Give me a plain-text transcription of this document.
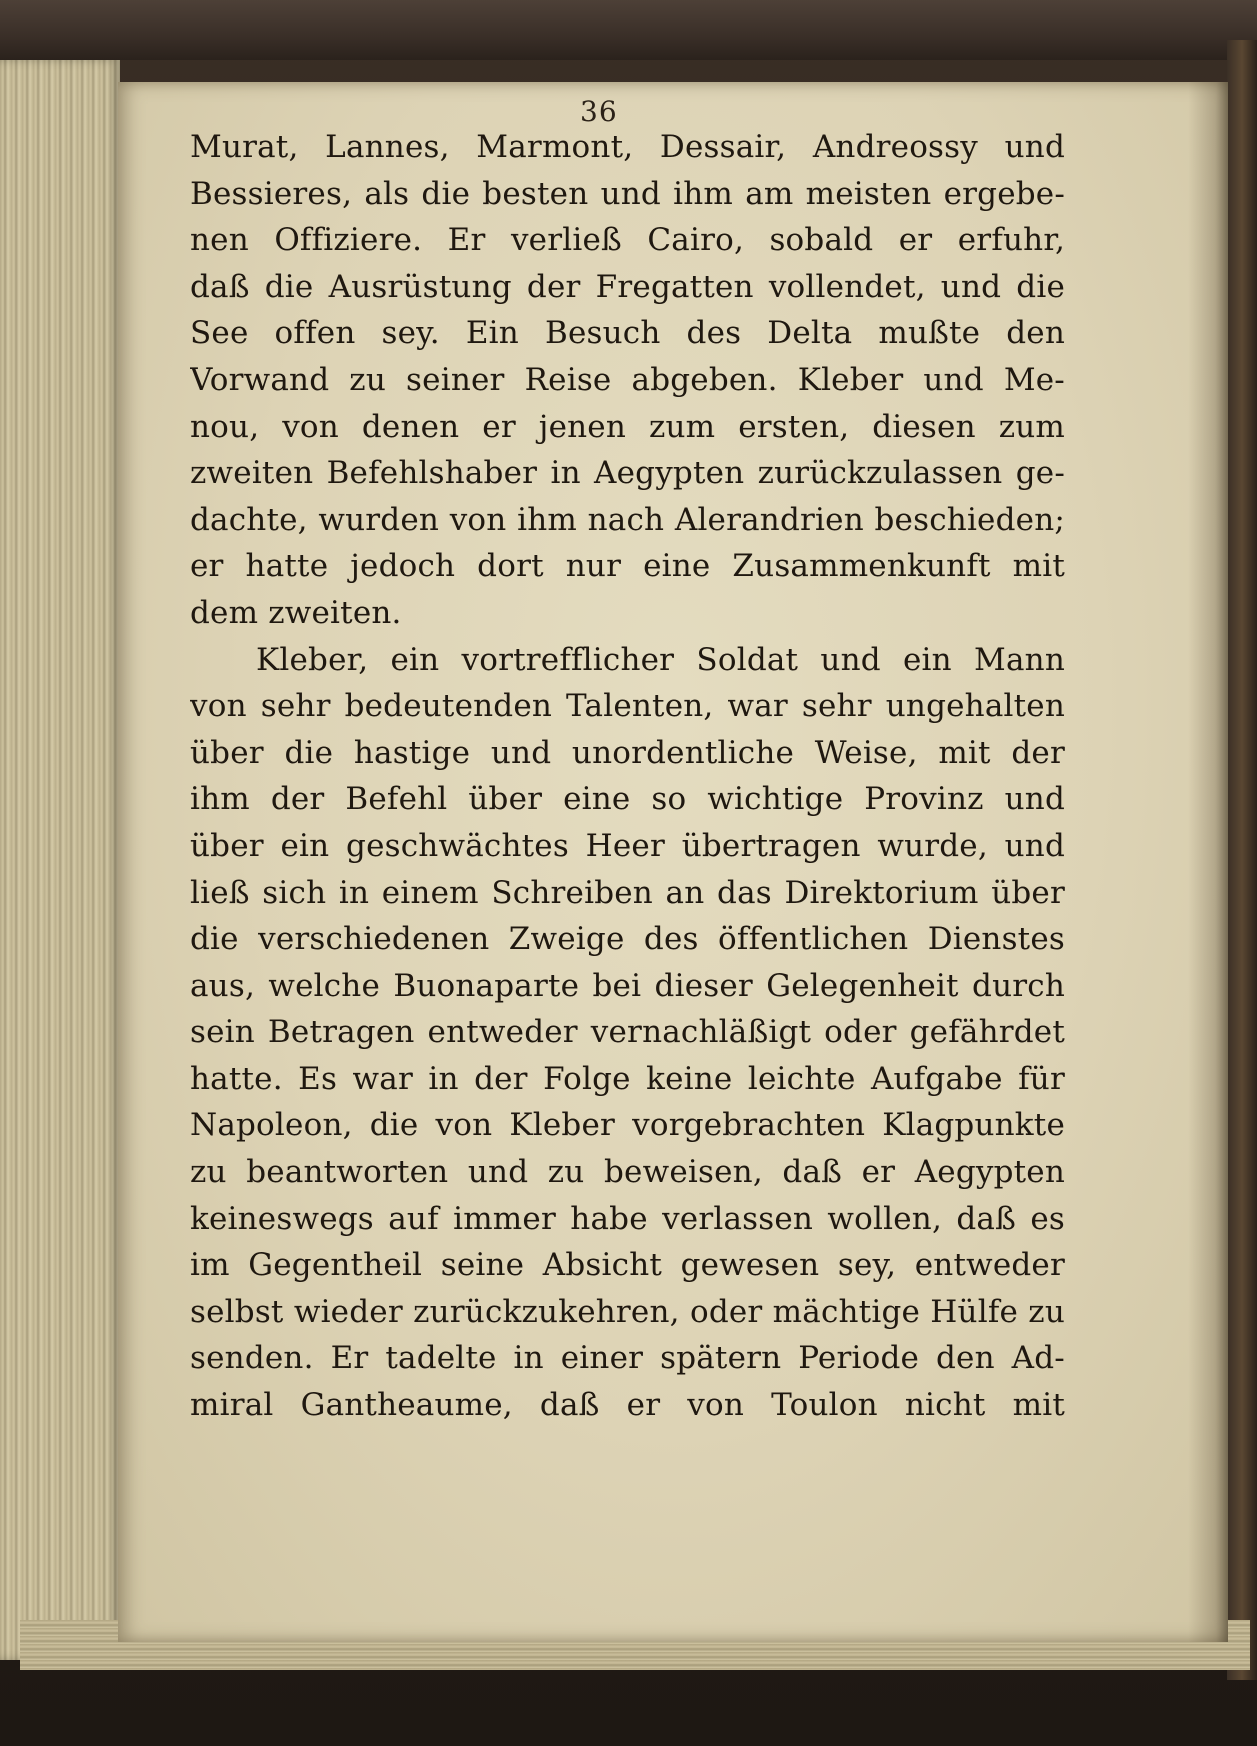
36
Murat, Lannes, Marmont, Dessair, Andreossy und
Bessieres, als die besten und ihm am meisten ergebe-
nen Offiziere. Er verließ Cairo, sobald er erfuhr,
daß die Ausrüstung der Fregatten vollendet, und die
See offen sey. Ein Besuch des Delta mußte den
Vorwand zu seiner Reise abgeben. Kleber und Me-
nou, von denen er jenen zum ersten, diesen zum
zweiten Befehlshaber in Aegypten zurückzulassen ge-
dachte, wurden von ihm nach Alerandrien beschieden;
er hatte jedoch dort nur eine Zusammenkunft mit
dem zweiten.
Kleber, ein vortrefflicher Soldat und ein Mann
von sehr bedeutenden Talenten, war sehr ungehalten
über die hastige und unordentliche Weise, mit der
ihm der Befehl über eine so wichtige Provinz und
über ein geschwächtes Heer übertragen wurde, und
ließ sich in einem Schreiben an das Direktorium über
die verschiedenen Zweige des öffentlichen Dienstes
aus, welche Buonaparte bei dieser Gelegenheit durch
sein Betragen entweder vernachläßigt oder gefährdet
hatte. Es war in der Folge keine leichte Aufgabe für
Napoleon, die von Kleber vorgebrachten Klagpunkte
zu beantworten und zu beweisen, daß er Aegypten
keineswegs auf immer habe verlassen wollen, daß es
im Gegentheil seine Absicht gewesen sey, entweder
selbst wieder zurückzukehren, oder mächtige Hülfe zu
senden. Er tadelte in einer spätern Periode den Ad-
miral Gantheaume, daß er von Toulon nicht mit
